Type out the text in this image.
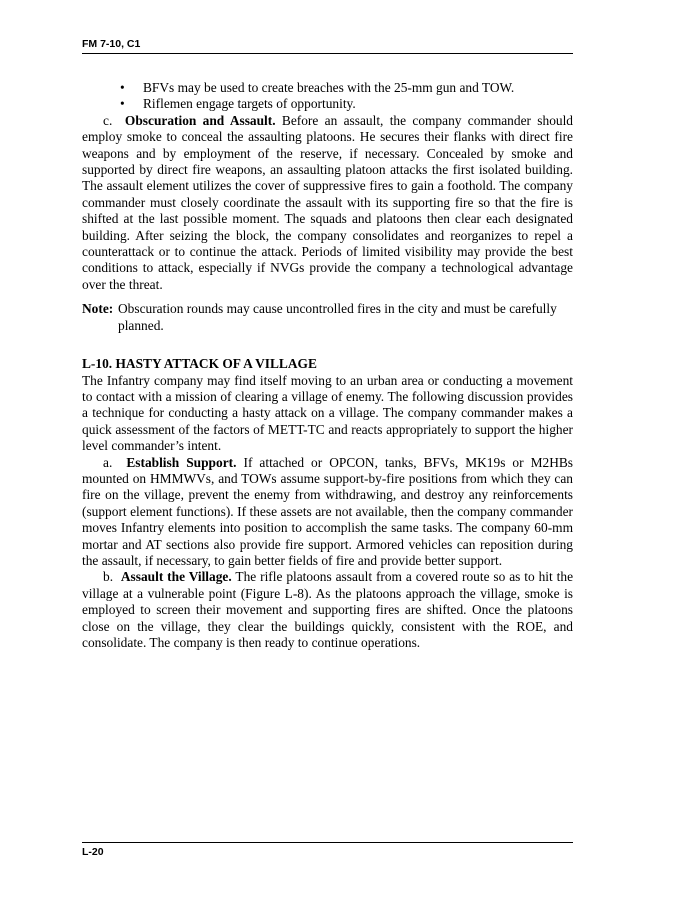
FM 7-10, C1
• BFVs may be used to create breaches with the 25-mm gun and TOW.
• Riflemen engage targets of opportunity.

c. Obscuration and Assault. Before an assault, the company commander should employ smoke to conceal the assaulting platoons. He secures their flanks with direct fire weapons and by employment of the reserve, if necessary. Concealed by smoke and supported by direct fire weapons, an assaulting platoon attacks the first isolated building. The assault element utilizes the cover of suppressive fires to gain a foothold. The company commander must closely coordinate the assault with its supporting fire so that the fire is shifted at the last possible moment. The squads and platoons then clear each designated building. After seizing the block, the company consolidates and reorganizes to repel a counterattack or to continue the attack. Periods of limited visibility may provide the best conditions to attack, especially if NVGs provide the company a technological advantage over the threat.

Note: Obscuration rounds may cause uncontrolled fires in the city and must be carefully planned.

L-10. HASTY ATTACK OF A VILLAGE

The Infantry company may find itself moving to an urban area or conducting a movement to contact with a mission of clearing a village of enemy. The following discussion provides a technique for conducting a hasty attack on a village. The company commander makes a quick assessment of the factors of METT-TC and reacts appropriately to support the higher level commander’s intent.

a. Establish Support. If attached or OPCON, tanks, BFVs, MK19s or M2HBs mounted on HMMWVs, and TOWs assume support-by-fire positions from which they can fire on the village, prevent the enemy from withdrawing, and destroy any reinforcements (support element functions). If these assets are not available, then the company commander moves Infantry elements into position to accomplish the same tasks. The company 60-mm mortar and AT sections also provide fire support. Armored vehicles can reposition during the assault, if necessary, to gain better fields of fire and provide better support.

b. Assault the Village. The rifle platoons assault from a covered route so as to hit the village at a vulnerable point (Figure L-8). As the platoons approach the village, smoke is employed to screen their movement and supporting fires are shifted. Once the platoons close on the village, they clear the buildings quickly, consistent with the ROE, and consolidate. The company is then ready to continue operations.

L-20
